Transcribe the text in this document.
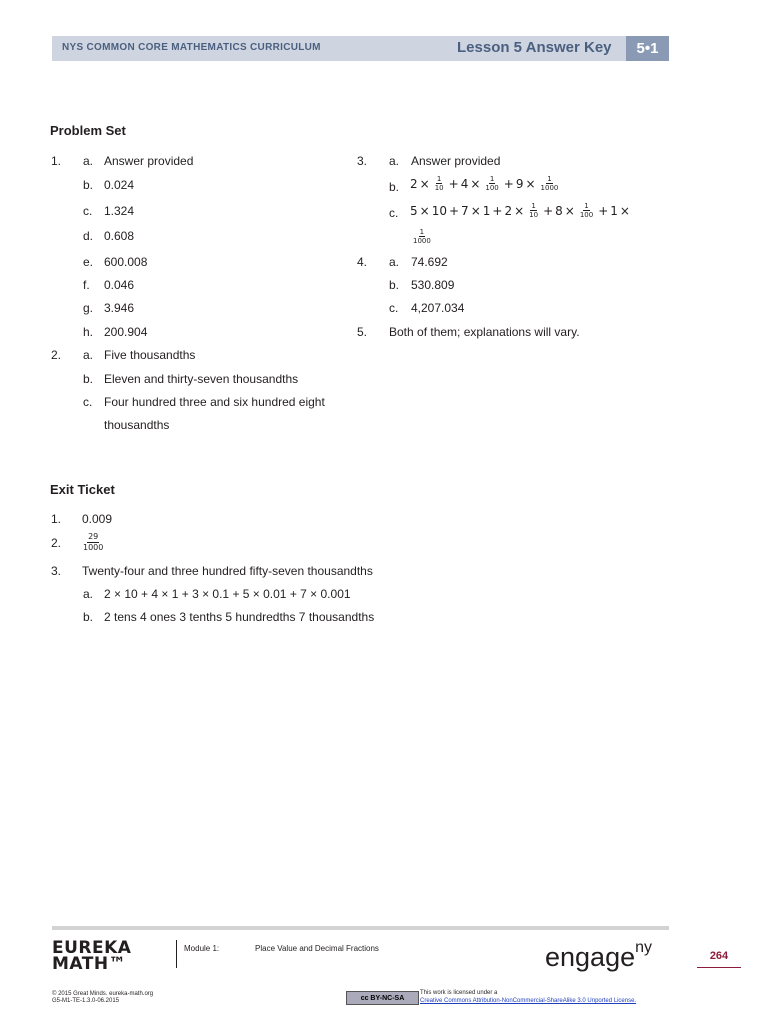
NYS COMMON CORE MATHEMATICS CURRICULUM	Lesson 5 Answer Key	5•1
Problem Set
1. a. Answer provided
b. 0.024
c. 1.324
d. 0.608
e. 600.008
f. 0.046
g. 3.946
h. 200.904
2. a. Five thousandths
b. Eleven and thirty-seven thousandths
c. Four hundred three and six hundred eight
thousandths
3. a. Answer provided
b. $2 \times \frac{1}{10} + 4 \times \frac{1}{100} + 9 \times \frac{1}{1000}$
c. $5 \times 10 + 7 \times 1 + 2 \times \frac{1}{10} + 8 \times \frac{1}{100} + 1$ ×
$\frac{1}{1000}$
4. a. 74.692
b. 530.809
c. 4,207.034
5. Both of them; explanations will vary.
Exit Ticket
1. 0.009
2.	$\frac{29}{1000}$
3. Twenty-four and three hundred fifty-seven thousandths
a. 2 × 10 + 4 × 1 + 3 × 0.1 + 5 × 0.01 + 7 × 0.001
b. 2 tens 4 ones 3 tenths 5 hundredths 7 thousandths
EUREKA
MATH™
Module 1:	Place Value and Decimal Fractions	engage$^{ny}$	264
© 2015 Great Minds. eureka-math.org
G5-M1-TE-1.3.0-06.2015	cc BY-NC-SA
This work is licensed under a
Creative Commons Attribution-NonCommercial-ShareAlike 3.0 Unported License.
